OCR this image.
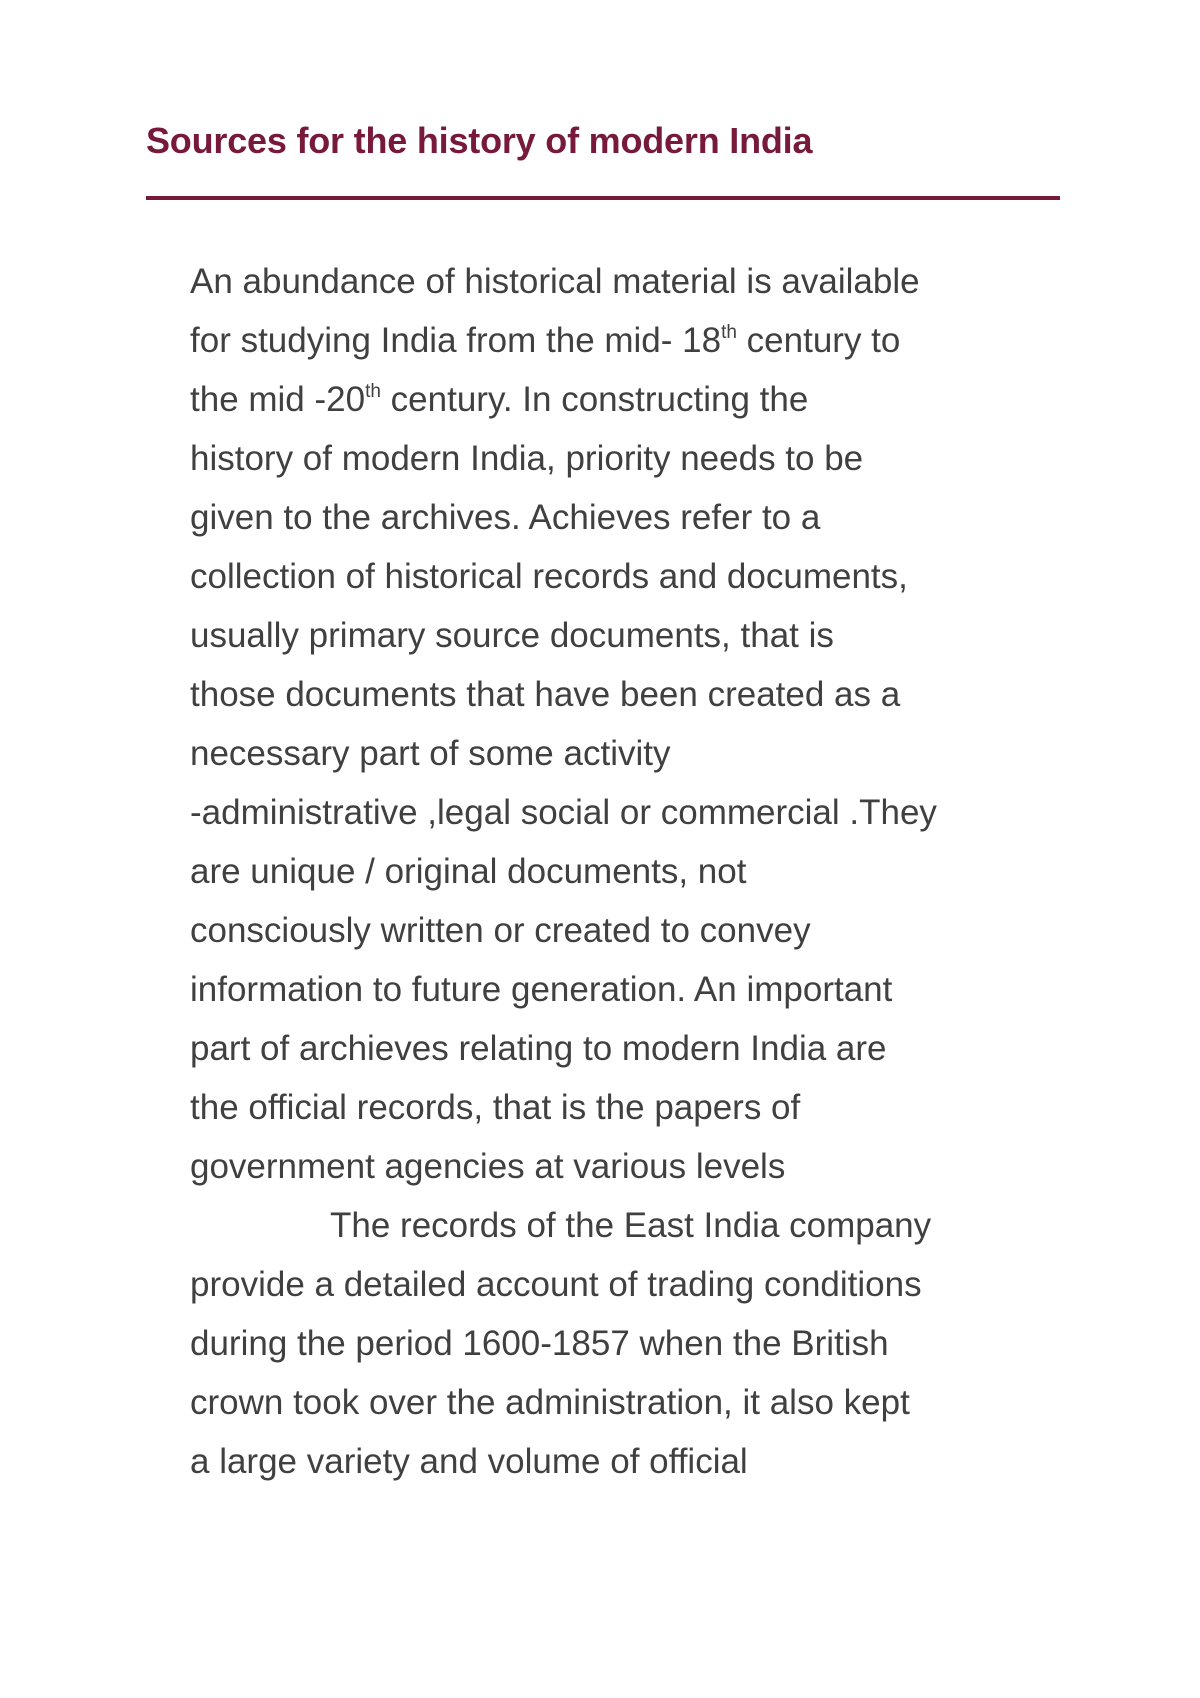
Sources for the history of modern India
An abundance of historical material is available
for studying India from the mid- 18th century to
the mid -20th century. In constructing the
history of modern India, priority needs to be
given to the archives. Achieves refer to a
collection of historical records and documents,
usually primary source documents, that is
those documents that have been created as a
necessary part of some activity
-administrative ,legal social or commercial .They
are unique / original documents, not
consciously written or created to convey
information to future generation. An important
part of archieves relating to modern India are
the official records, that is the papers of
government agencies at various levels
The records of the East India company
provide a detailed account of trading conditions
during the period 1600-1857 when the British
crown took over the administration, it also kept
a large variety and volume of official
